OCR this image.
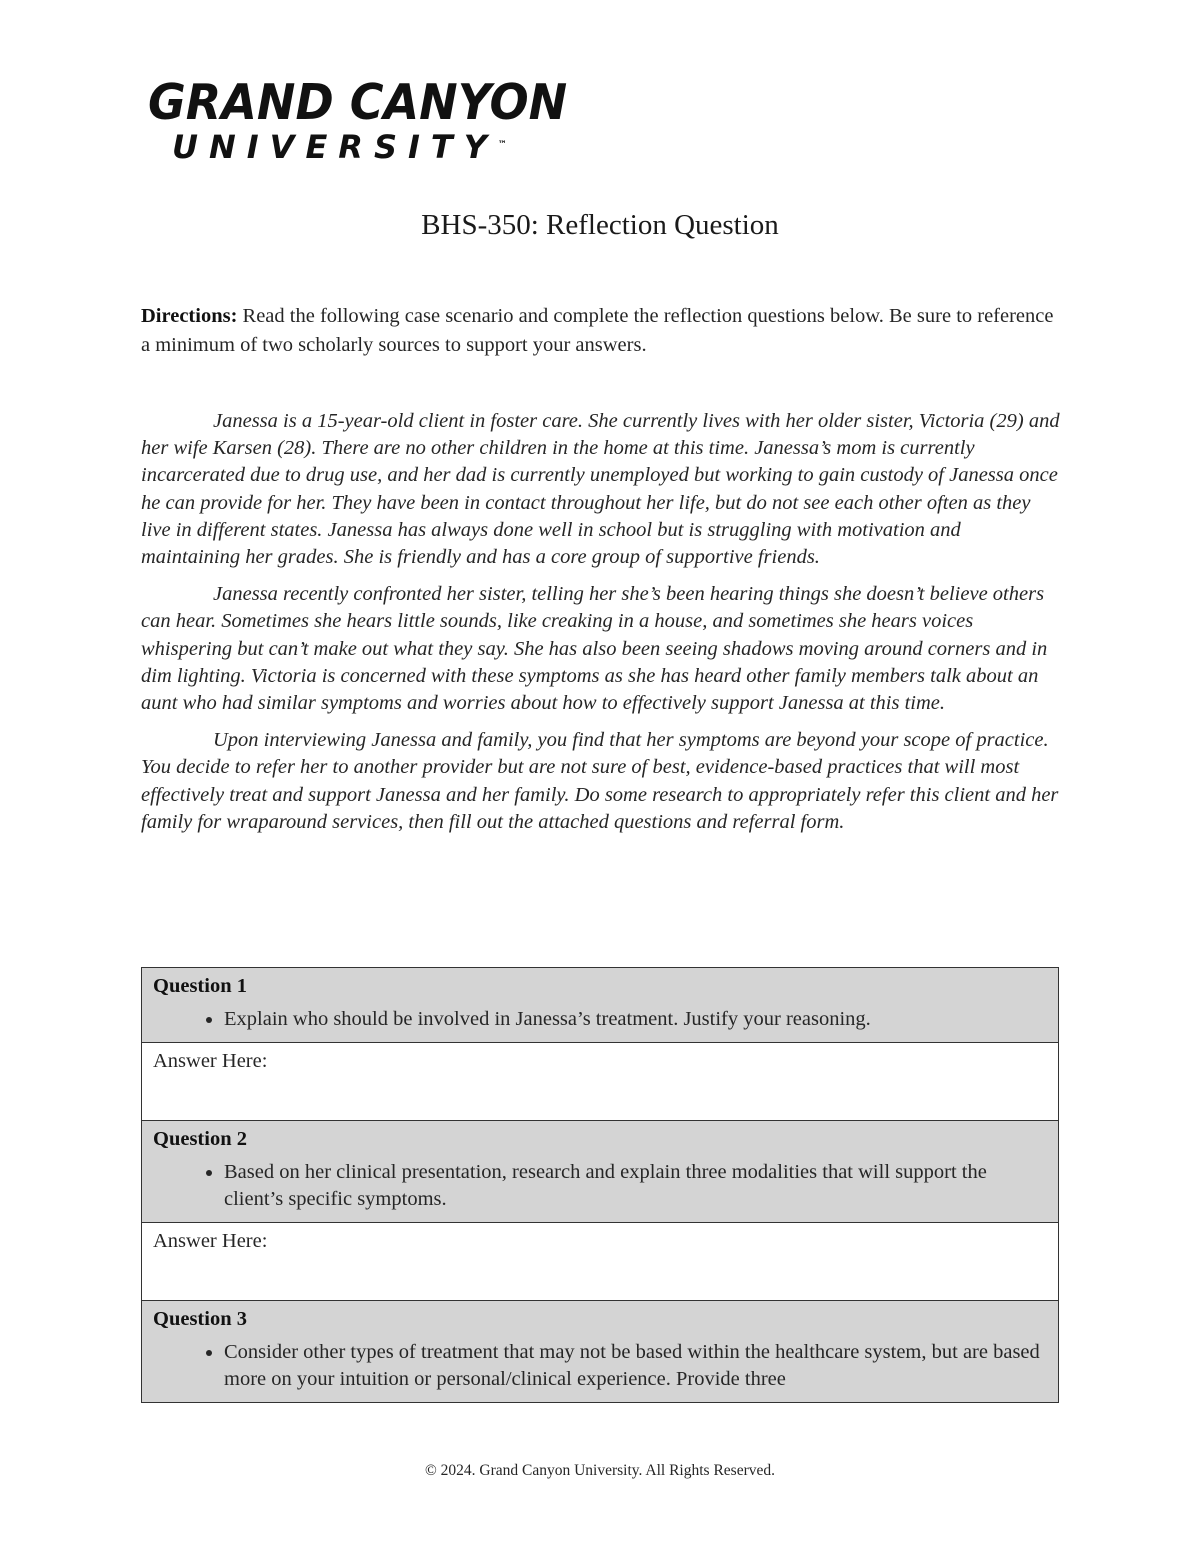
GRAND CANYON
UNIVERSITY™
BHS-350: Reflection Question
Directions: Read the following case scenario and complete the reflection questions below. Be sure to reference a minimum of two scholarly sources to support your answers.

Janessa is a 15-year-old client in foster care. She currently lives with her older sister, Victoria (29) and her wife Karsen (28). There are no other children in the home at this time. Janessa’s mom is currently incarcerated due to drug use, and her dad is currently unemployed but working to gain custody of Janessa once he can provide for her. They have been in contact throughout her life, but do not see each other often as they live in different states. Janessa has always done well in school but is struggling with motivation and maintaining her grades. She is friendly and has a core group of supportive friends.

Janessa recently confronted her sister, telling her she’s been hearing things she doesn’t believe others can hear. Sometimes she hears little sounds, like creaking in a house, and sometimes she hears voices whispering but can’t make out what they say. She has also been seeing shadows moving around corners and in dim lighting. Victoria is concerned with these symptoms as she has heard other family members talk about an aunt who had similar symptoms and worries about how to effectively support Janessa at this time.

Upon interviewing Janessa and family, you find that her symptoms are beyond your scope of practice. You decide to refer her to another provider but are not sure of best, evidence-based practices that will most effectively treat and support Janessa and her family. Do some research to appropriately refer this client and her family for wraparound services, then fill out the attached questions and referral form.

Question 1
• Explain who should be involved in Janessa’s treatment. Justify your reasoning.

Answer Here:

Question 2
• Based on her clinical presentation, research and explain three modalities that will support the client’s specific symptoms.

Answer Here:

Question 3
• Consider other types of treatment that may not be based within the healthcare system, but are based more on your intuition or personal/clinical experience. Provide three
© 2024. Grand Canyon University. All Rights Reserved.
